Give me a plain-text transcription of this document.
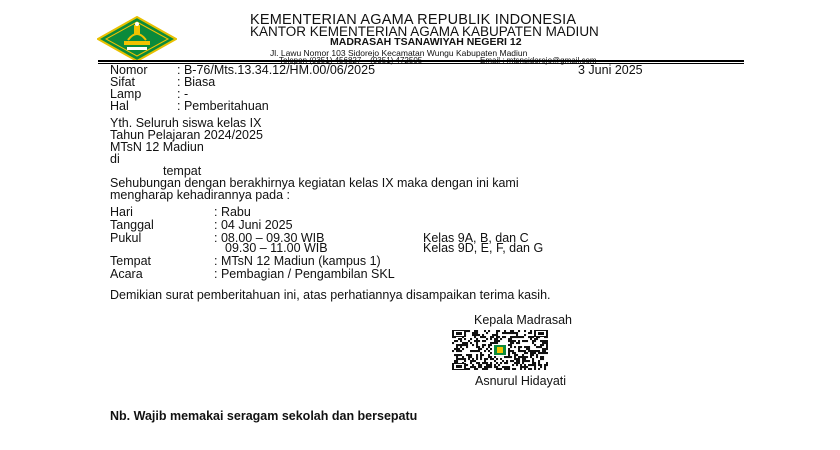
KEMENTERIAN AGAMA REPUBLIK INDONESIA
KANTOR KEMENTERIAN AGAMA KABUPATEN MADIUN
MADRASAH TSANAWIYAH NEGERI 12
Jl. Lawu Nomor 103 Sidorejo Kecamatan Wungu Kabupaten Madiun
Nomor : B-76/Mts.13.34.12/HM.00/06/2025	3 Juni 2025
Sifat	: Biasa
Lamp	: -
Hal	: Pemberitahuan
Yth. Seluruh siswa kelas IX
Tahun Pelajaran 2024/2025
MTsN 12 Madiun
di
tempat
Sehubungan dengan berakhirnya kegiatan kelas IX maka dengan ini kami
mengharap kehadirannya pada :
Hari	: Rabu
Tanggal	: 04 Juni 2025
Pukul	: 08.00 – 09.30 WIB	Kelas 9A, B, dan C
09.30 – 11.00 WIB	Kelas 9D, E, F, dan G
Tempat	: MTsN 12 Madiun (kampus 1)
Acara	: Pembagian / Pengambilan SKL
Demikian surat pemberitahuan ini, atas perhatiannya disampaikan terima kasih.
Kepala Madrasah
Asnurul Hidayati
Nb. Wajib memakai seragam sekolah dan bersepatu
